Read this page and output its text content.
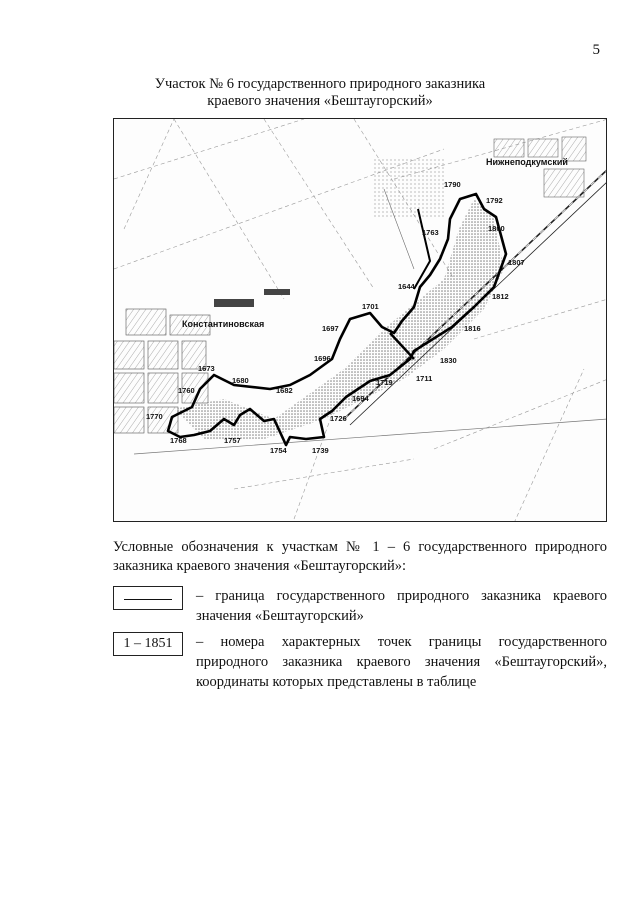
5
Участок № 6 государственного природного заказника
краевого значения «Бештаугорский»
Нижнеподкумский
Константиновская
1790
1792
1800
1807
1812
1816
1830
1763
1644
1701
1697
1696
1711
1719
1694
1726
1682
1680
1673
1760
1770
1768	1757
1754	1739
Условные обозначения к участкам № 1 – 6 государственного природного заказника краевого значения «Бештаугорский»:
– граница государственного природного заказника краевого значения «Бештаугорский»
1 – 1851	– номера характерных точек границы государственного природного заказника краевого значения «Бештаугорский», координаты которых представлены в таблице
